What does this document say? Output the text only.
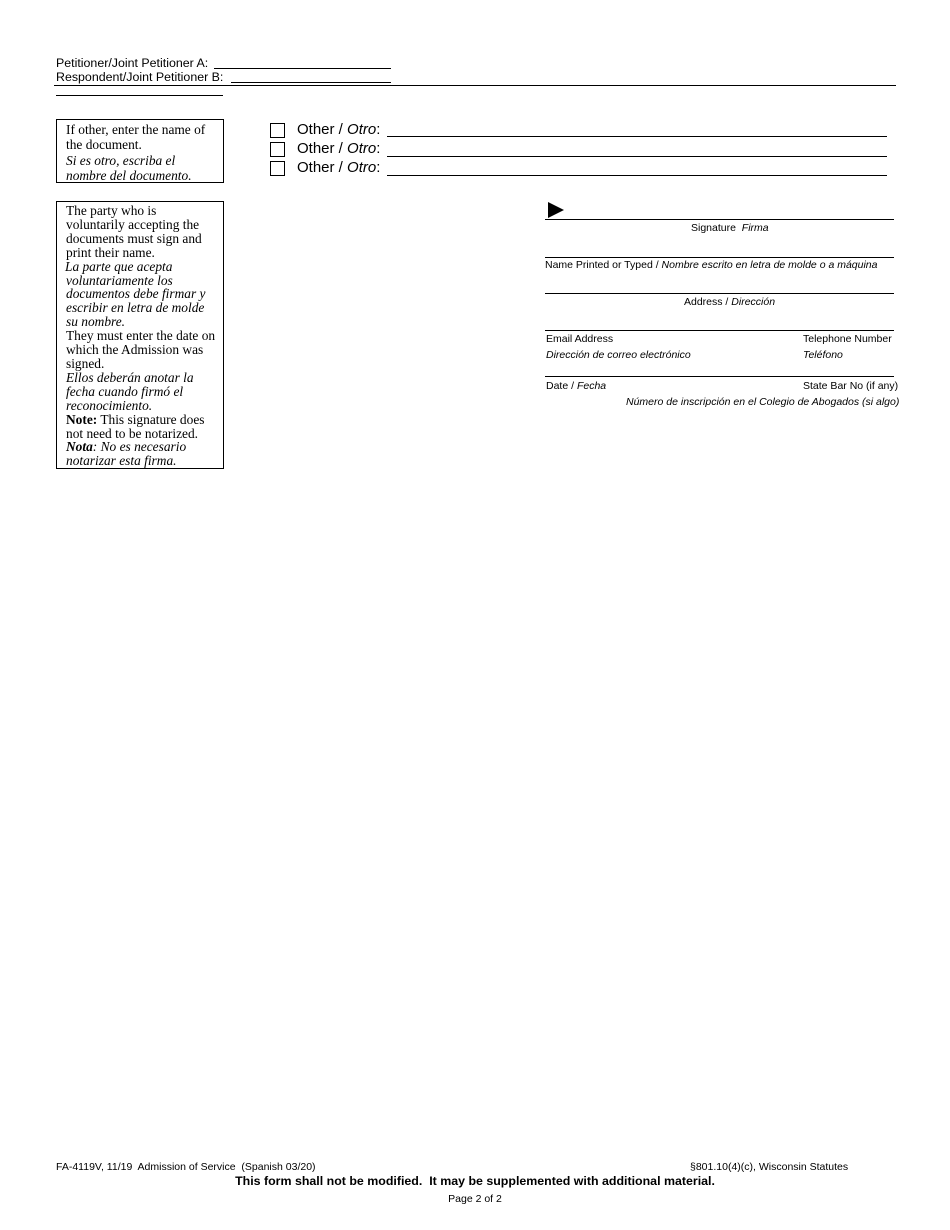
Petitioner/Joint Petitioner A:
Respondent/Joint Petitioner B:
If other, enter the name of
the document.
Si es otro, escriba el
nombre del documento.
Other / Otro:
Other / Otro:
Other / Otro:
The party who is
voluntarily accepting the
documents must sign and
print their name.
La parte que acepta
voluntariamente los
documentos debe firmar y
escribir en letra de molde
su nombre.
They must enter the date on
which the Admission was
signed.
Ellos deberán anotar la
fecha cuando firmó el
reconocimiento.
Note: This signature does
not need to be notarized.
Nota: No es necesario
notarizar esta firma.
Signature Firma
Name Printed or Typed / Nombre escrito en letra de molde o a máquina
Address / Dirección
Email Address
Dirección de correo electrónico
Telephone Number
Teléfono
Date / Fecha	State Bar No (if any)
Número de inscripción en el Colegio de Abogados (si algo)
FA-4119V, 11/19  Admission of Service  (Spanish 03/20)	§801.10(4)(c), Wisconsin Statutes
This form shall not be modified.  It may be supplemented with additional material.
Page 2 of 2
